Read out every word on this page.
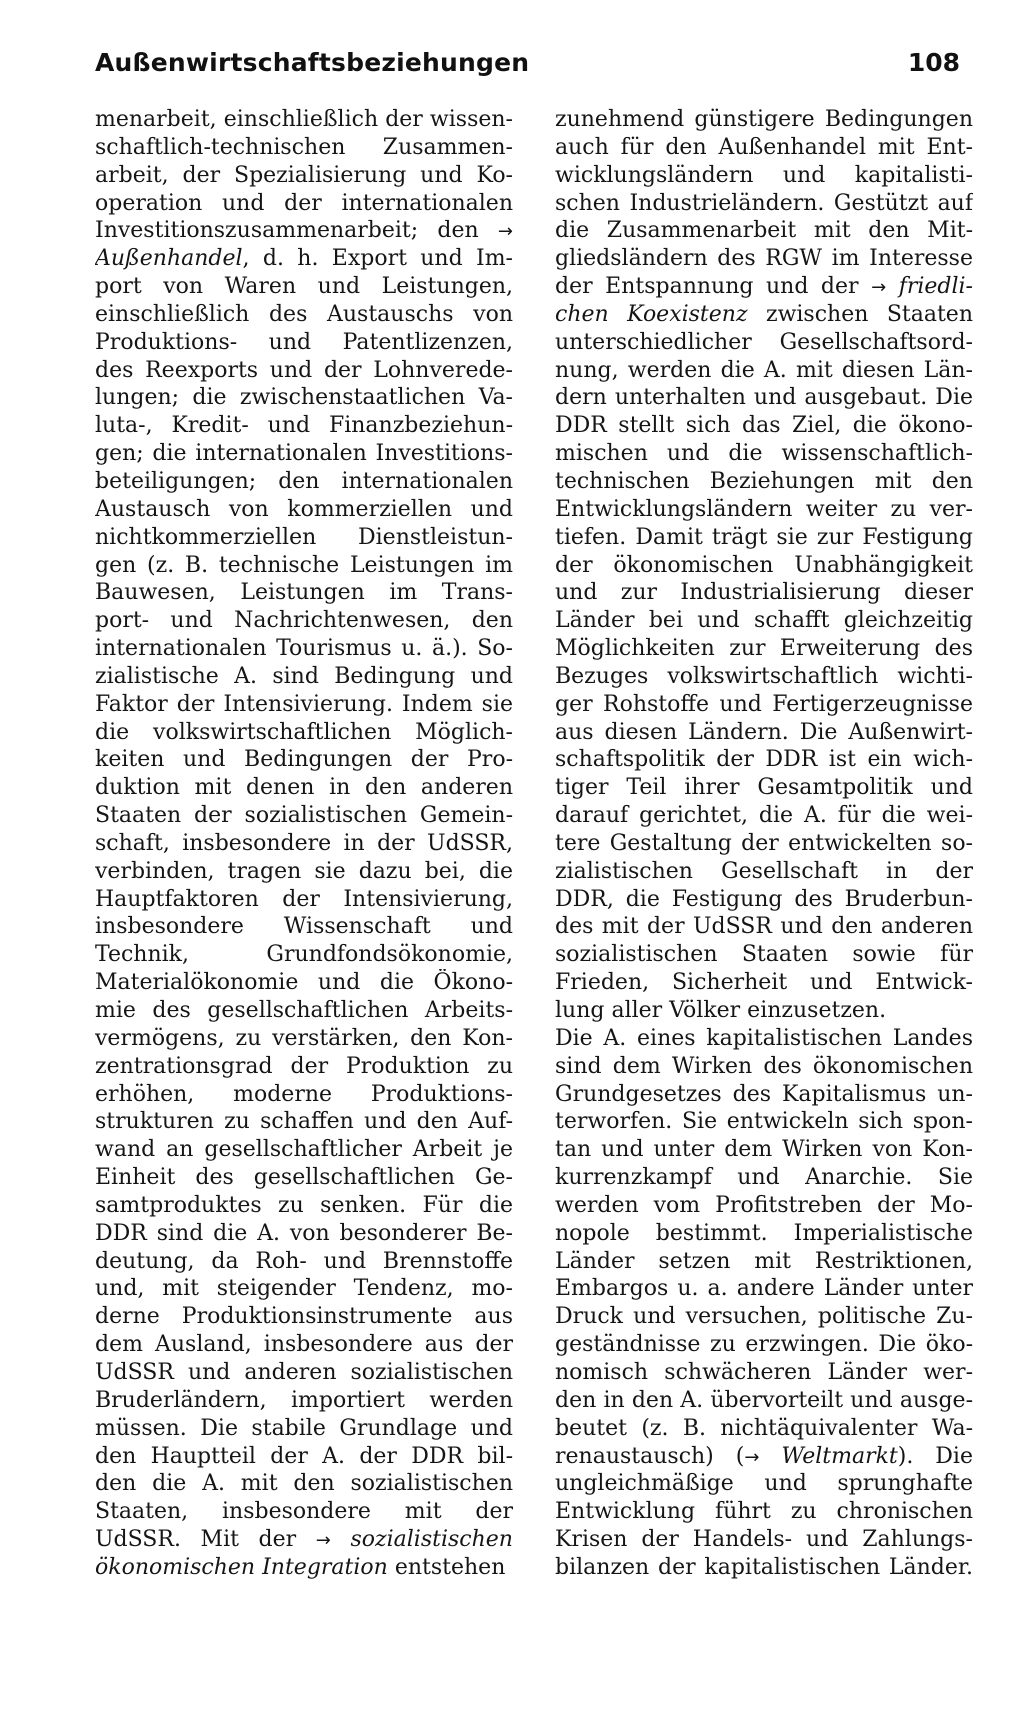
Außenwirtschaftsbeziehungen	108
menarbeit, einschließlich der wissen-
schaftlich-technischen Zusammen-
arbeit, der Spezialisierung und Ko-
operation und der internationalen
Investitionszusammenarbeit; den →
Außenhandel, d. h. Export und Im-
port von Waren und Leistungen,
einschließlich des Austauschs von
Produktions- und Patentlizenzen,
des Reexports und der Lohnverede-
lungen; die zwischenstaatlichen Va-
luta-, Kredit- und Finanzbeziehun-
gen; die internationalen Investitions-
beteiligungen; den internationalen
Austausch von kommerziellen und
nichtkommerziellen Dienstleistun-
gen (z. B. technische Leistungen im
Bauwesen, Leistungen im Trans-
port- und Nachrichtenwesen, den
internationalen Tourismus u. ä.). So-
zialistische A. sind Bedingung und
Faktor der Intensivierung. Indem sie
die volkswirtschaftlichen Möglich-
keiten und Bedingungen der Pro-
duktion mit denen in den anderen
Staaten der sozialistischen Gemein-
schaft, insbesondere in der UdSSR,
verbinden, tragen sie dazu bei, die
Hauptfaktoren der Intensivierung,
insbesondere Wissenschaft und
Technik, Grundfondsökonomie,
Materialökonomie und die Ökono-
mie des gesellschaftlichen Arbeits-
vermögens, zu verstärken, den Kon-
zentrationsgrad der Produktion zu
erhöhen, moderne Produktions-
strukturen zu schaffen und den Auf-
wand an gesellschaftlicher Arbeit je
Einheit des gesellschaftlichen Ge-
samtproduktes zu senken. Für die
DDR sind die A. von besonderer Be-
deutung, da Roh- und Brennstoffe
und, mit steigender Tendenz, mo-
derne Produktionsinstrumente aus
dem Ausland, insbesondere aus der
UdSSR und anderen sozialistischen
Bruderländern, importiert werden
müssen. Die stabile Grundlage und
den Hauptteil der A. der DDR bil-
den die A. mit den sozialistischen
Staaten, insbesondere mit der
UdSSR. Mit der → sozialistischen
ökonomischen Integration entstehen
zunehmend günstigere Bedingungen
auch für den Außenhandel mit Ent-
wicklungsländern und kapitalisti-
schen Industrieländern. Gestützt auf
die Zusammenarbeit mit den Mit-
gliedsländern des RGW im Interesse
der Entspannung und der → friedli-
chen Koexistenz zwischen Staaten
unterschiedlicher Gesellschaftsord-
nung, werden die A. mit diesen Län-
dern unterhalten und ausgebaut. Die
DDR stellt sich das Ziel, die ökono-
mischen und die wissenschaftlich-
technischen Beziehungen mit den
Entwicklungsländern weiter zu ver-
tiefen. Damit trägt sie zur Festigung
der ökonomischen Unabhängigkeit
und zur Industrialisierung dieser
Länder bei und schafft gleichzeitig
Möglichkeiten zur Erweiterung des
Bezuges volkswirtschaftlich wichti-
ger Rohstoffe und Fertigerzeugnisse
aus diesen Ländern. Die Außenwirt-
schaftspolitik der DDR ist ein wich-
tiger Teil ihrer Gesamtpolitik und
darauf gerichtet, die A. für die wei-
tere Gestaltung der entwickelten so-
zialistischen Gesellschaft in der
DDR, die Festigung des Bruderbun-
des mit der UdSSR und den anderen
sozialistischen Staaten sowie für
Frieden, Sicherheit und Entwick-
lung aller Völker einzusetzen.
Die A. eines kapitalistischen Landes
sind dem Wirken des ökonomischen
Grundgesetzes des Kapitalismus un-
terworfen. Sie entwickeln sich spon-
tan und unter dem Wirken von Kon-
kurrenzkampf und Anarchie. Sie
werden vom Profitstreben der Mo-
nopole bestimmt. Imperialistische
Länder setzen mit Restriktionen,
Embargos u. a. andere Länder unter
Druck und versuchen, politische Zu-
geständnisse zu erzwingen. Die öko-
nomisch schwächeren Länder wer-
den in den A. übervorteilt und ausge-
beutet (z. B. nichtäquivalenter Wa-
renaustausch) (→ Weltmarkt). Die
ungleichmäßige und sprunghafte
Entwicklung führt zu chronischen
Krisen der Handels- und Zahlungs-
bilanzen der kapitalistischen Länder.
